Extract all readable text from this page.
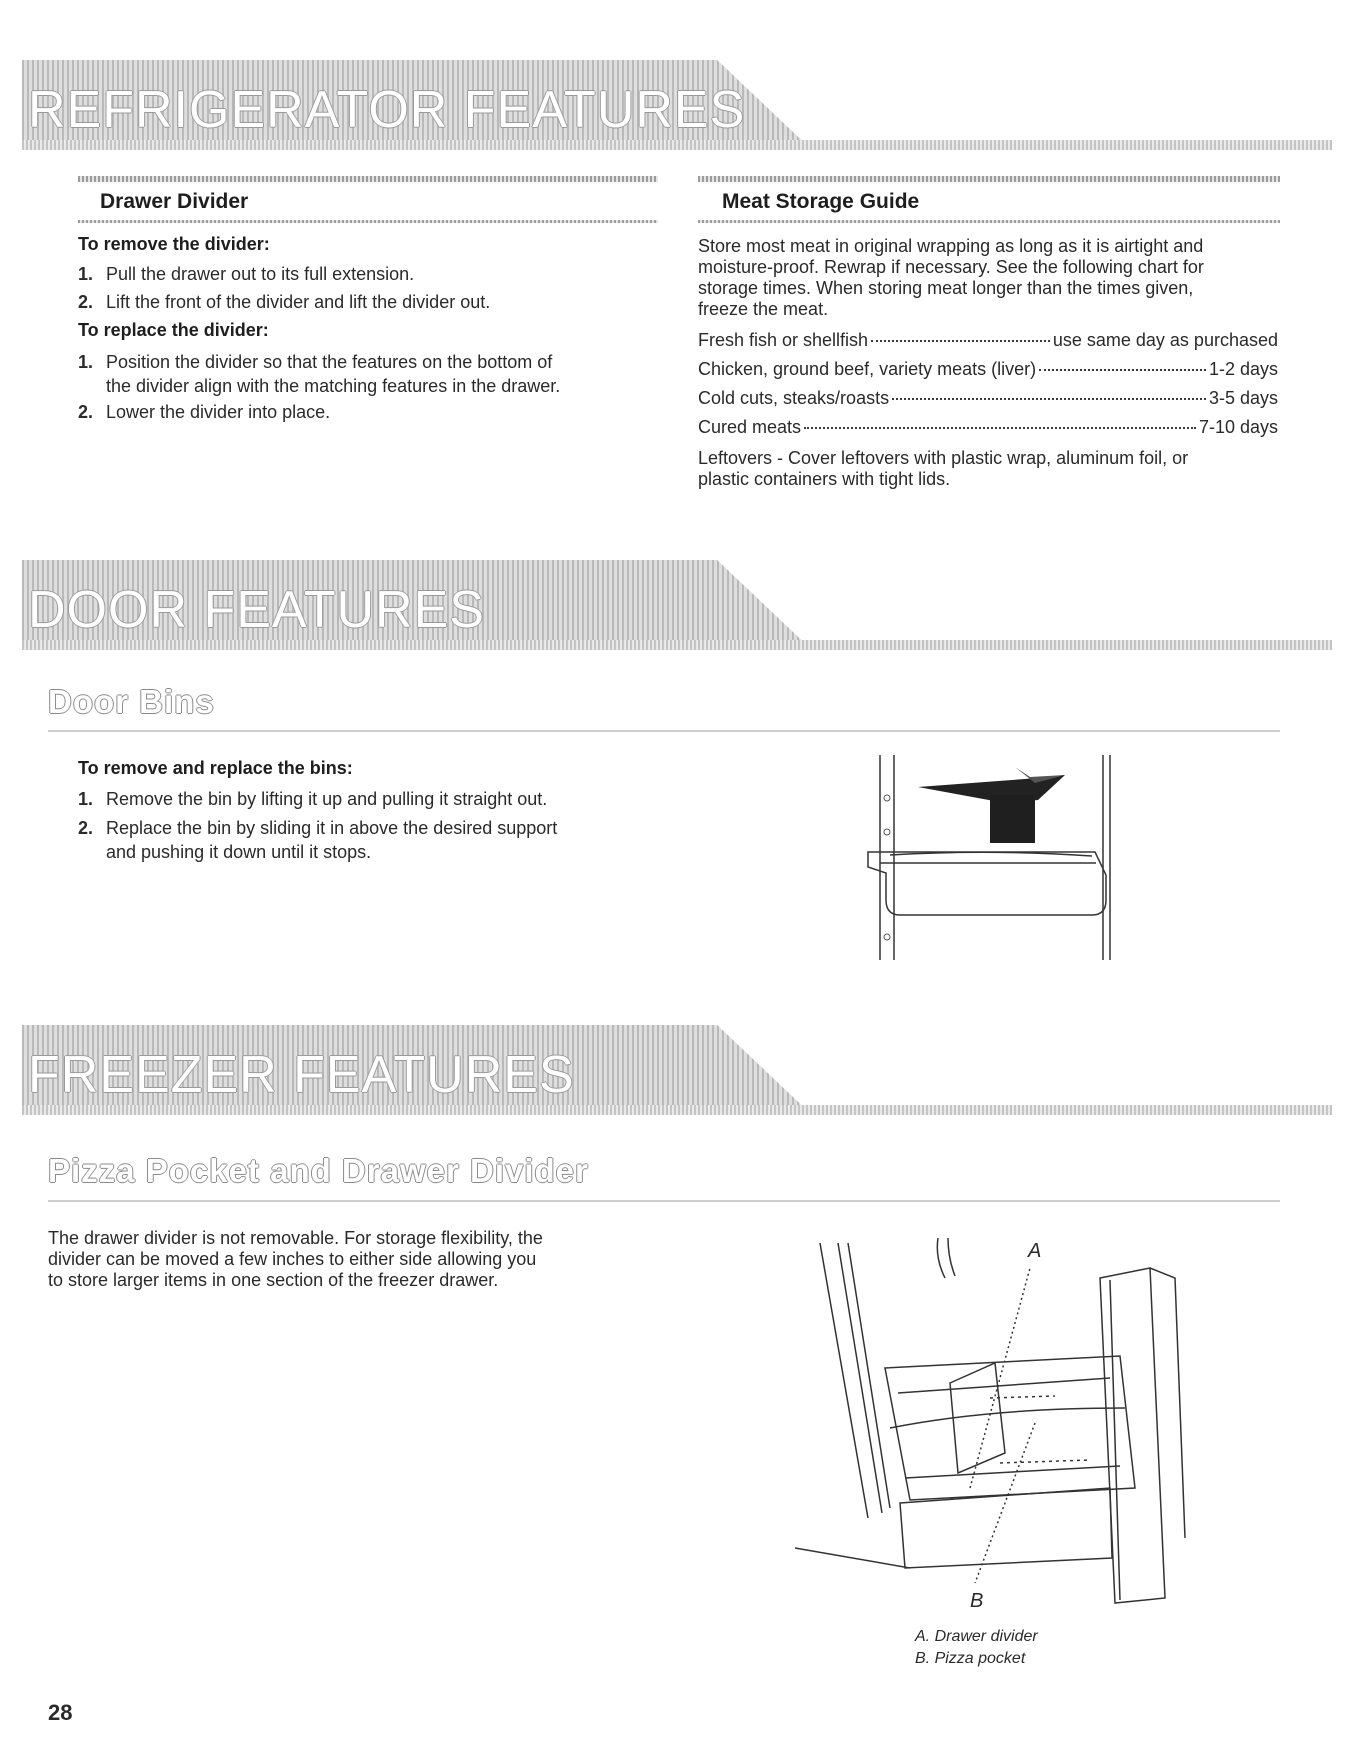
REFRIGERATOR FEATURES
Drawer Divider
To remove the divider:
1. Pull the drawer out to its full extension.
2. Lift the front of the divider and lift the divider out.
To replace the divider:
1. Position the divider so that the features on the bottom of
the divider align with the matching features in the drawer.
2. Lower the divider into place.
Meat Storage Guide
Store most meat in original wrapping as long as it is airtight and
moisture-proof. Rewrap if necessary. See the following chart for
storage times. When storing meat longer than the times given,
freeze the meat.
Fresh fish or shellfish	use same day as purchased
Chicken, ground beef, variety meats (liver)	1-2 days
Cold cuts, steaks/roasts	3-5 days
Cured meats	7-10 days
Leftovers - Cover leftovers with plastic wrap, aluminum foil, or
plastic containers with tight lids.
DOOR FEATURES
Door Bins
To remove and replace the bins:
1. Remove the bin by lifting it up and pulling it straight out.
2. Replace the bin by sliding it in above the desired support
and pushing it down until it stops.
FREEZER FEATURES
Pizza Pocket and Drawer Divider
The drawer divider is not removable. For storage flexibility, the
divider can be moved a few inches to either side allowing you
to store larger items in one section of the freezer drawer.
A
B
A. Drawer divider
B. Pizza pocket
28
